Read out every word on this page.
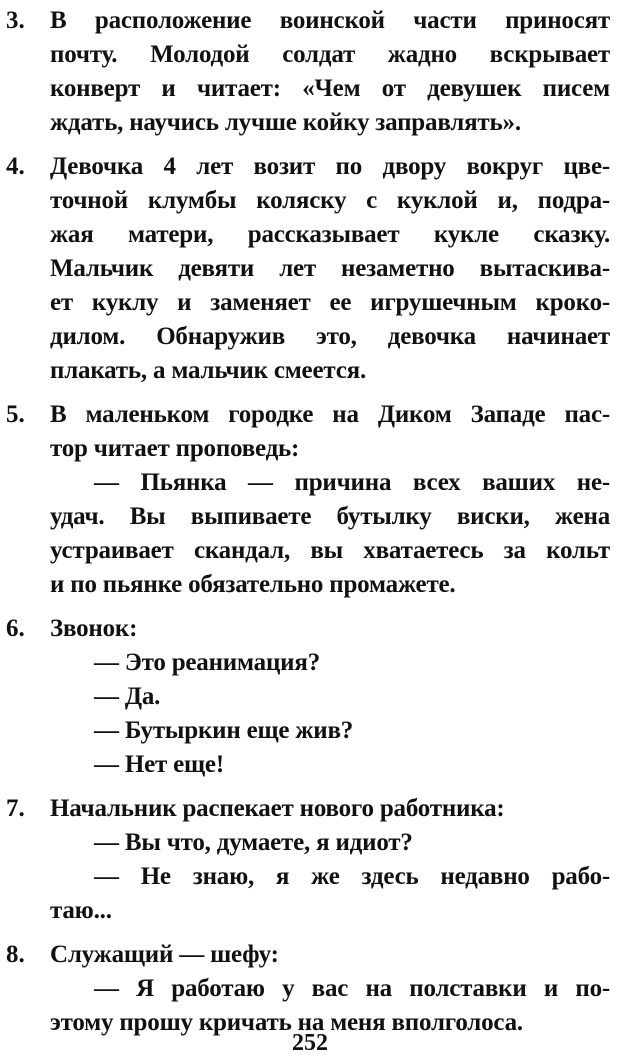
3.	В расположение воинской части приносят
почту. Молодой солдат жадно вскрывает
конверт и читает: «Чем от девушек писем
ждать, научись лучше койку заправлять».
4.	Девочка 4 лет возит по двору вокруг цве-
точной клумбы коляску с куклой и, подра-
жая матери, рассказывает кукле сказку.
Мальчик девяти лет незаметно вытаскива-
ет куклу и заменяет ее игрушечным кроко-
дилом. Обнаружив это, девочка начинает
плакать, а мальчик смеется.
5.	В маленьком городке на Диком Западе пас-
тор читает проповедь:
— Пьянка — причина всех ваших не-
удач. Вы выпиваете бутылку виски, жена
устраивает скандал, вы хватаетесь за кольт
и по пьянке обязательно промажете.
6.	Звонок:
— Это реанимация?
— Да.
— Бутыркин еще жив?
— Нет еще!
7.	Начальник распекает нового работника:
— Вы что, думаете, я идиот?
— Не знаю, я же здесь недавно рабо-
таю...
8.	Служащий — шефу:
— Я работаю у вас на полставки и по-
этому прошу кричать на меня вполголоса.
252
